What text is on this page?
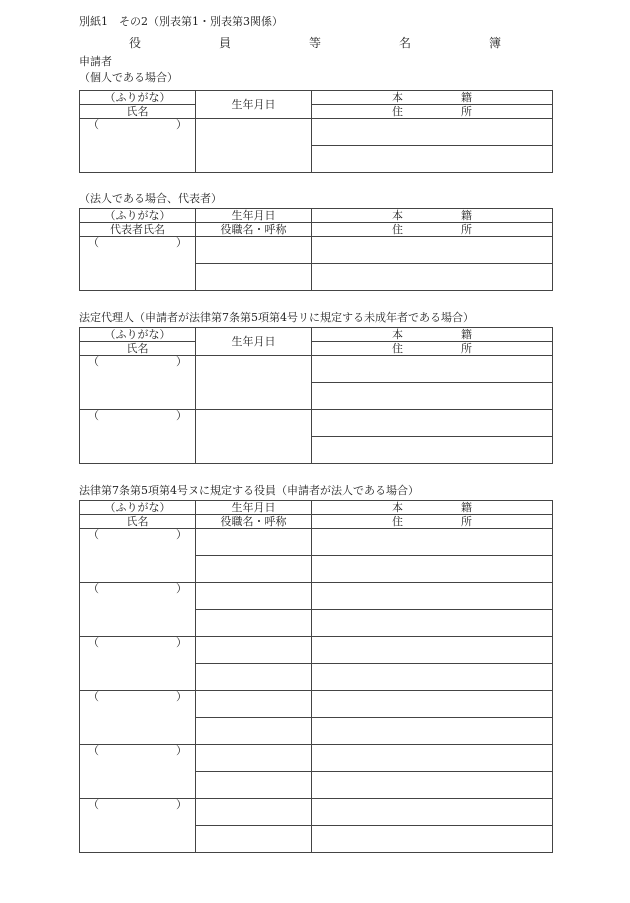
別紙1　その2（別表第1・別表第3関係）
役	員	等	名	簿
申請者
（個人である場合）
（ふりがな）	生年月日	本 籍

氏名		住 所

（ ）		

（法人である場合、代表者）
（ふりがな）	生年月日	本 籍

代表者氏名	役職名・呼称	住 所

（ ）		

法定代理人（申請者が法律第7条第5項第4号リに規定する未成年者である場合）
（ふりがな）	生年月日	本 籍

氏名		住 所

（ ）		

（ ）		

法律第7条第5項第4号ヌに規定する役員（申請者が法人である場合）
（ふりがな）	生年月日	本 籍

氏名	役職名・呼称	住 所

（ ）		

（ ）		

（ ）		

（ ）		

（ ）		

（ ）		
